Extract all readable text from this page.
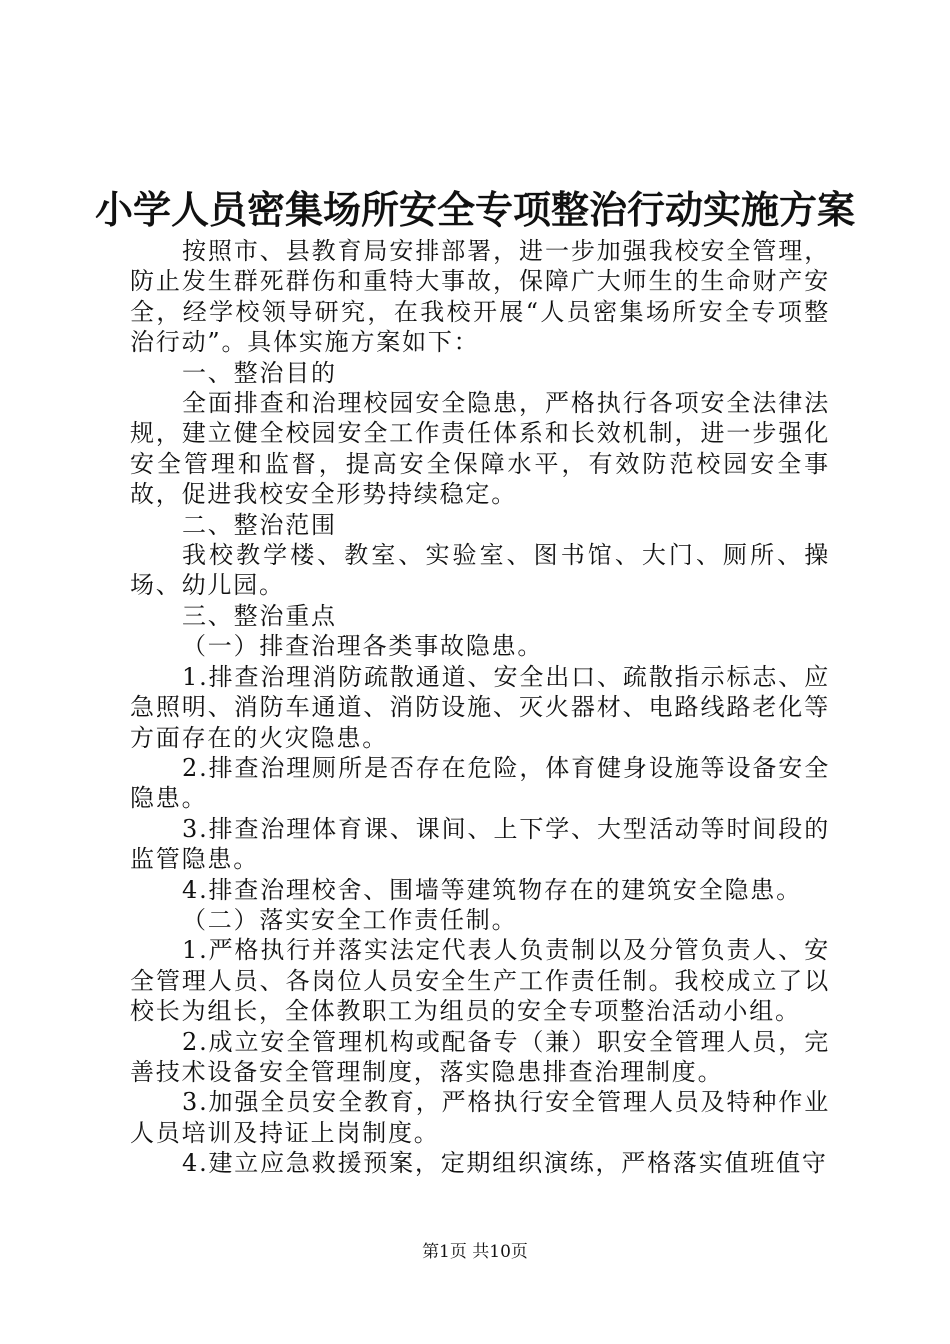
小学人员密集场所安全专项整治行动实施方案

按照市、县教育局安排部署，进一步加强我校安全管理，防止发生群死群伤和重特大事故，保障广大师生的生命财产安全，经学校领导研究，在我校开展“人员密集场所安全专项整治行动”。具体实施方案如下：

一、整治目的

全面排查和治理校园安全隐患，严格执行各项安全法律法规，建立健全校园安全工作责任体系和长效机制，进一步强化安全管理和监督，提高安全保障水平，有效防范校园安全事故，促进我校安全形势持续稳定。

二、整治范围

我校教学楼、教室、实验室、图书馆、大门、厕所、操场、幼儿园。

三、整治重点

（一）排查治理各类事故隐患。

1.排查治理消防疏散通道、安全出口、疏散指示标志、应急照明、消防车通道、消防设施、灭火器材、电路线路老化等方面存在的火灾隐患。

2.排查治理厕所是否存在危险，体育健身设施等设备安全隐患。

3.排查治理体育课、课间、上下学、大型活动等时间段的监管隐患。

4.排查治理校舍、围墙等建筑物存在的建筑安全隐患。

（二）落实安全工作责任制。

1.严格执行并落实法定代表人负责制以及分管负责人、安全管理人员、各岗位人员安全生产工作责任制。我校成立了以校长为组长，全体教职工为组员的安全专项整治活动小组。

2.成立安全管理机构或配备专（兼）职安全管理人员，完善技术设备安全管理制度，落实隐患排查治理制度。

3.加强全员安全教育，严格执行安全管理人员及特种作业人员培训及持证上岗制度。

4.建立应急救援预案，定期组织演练，严格落实值班值守

第1页 共10页
